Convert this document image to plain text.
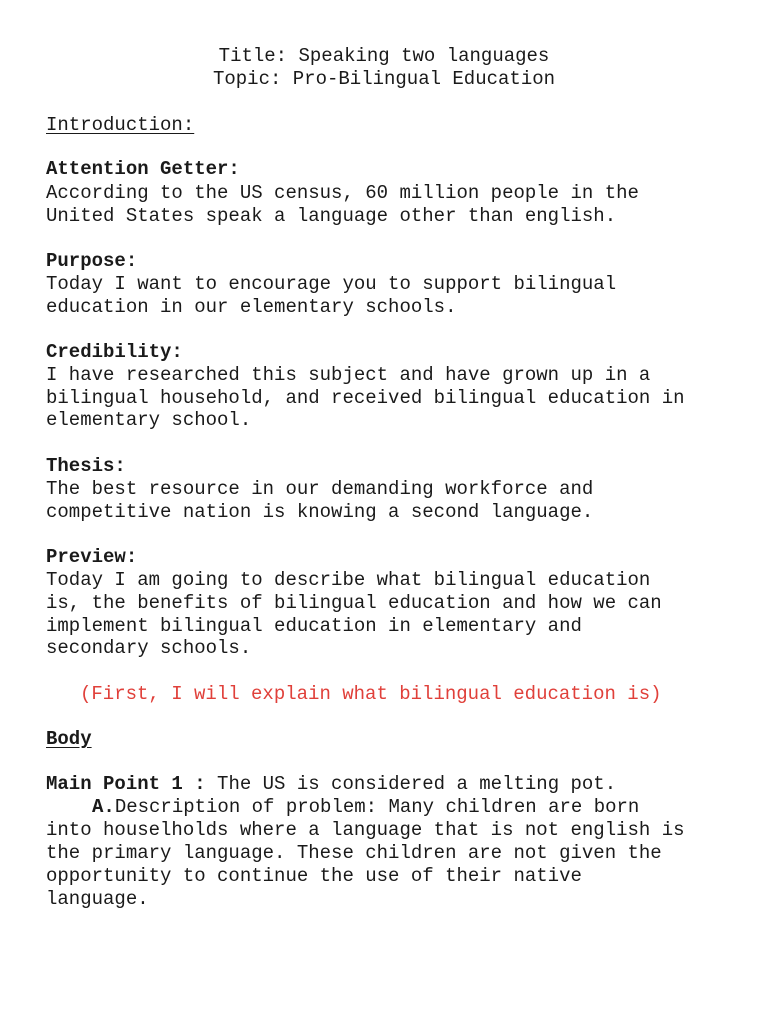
Title: Speaking two languages
Topic: Pro-Bilingual Education
Introduction:
Attention Getter:
According to the US census, 60 million people in the
United States speak a language other than english.
Purpose:
Today I want to encourage you to support bilingual
education in our elementary schools.
Credibility:
I have researched this subject and have grown up in a
bilingual household, and received bilingual education in
elementary school.
Thesis:
The best resource in our demanding workforce and
competitive nation is knowing a second language.
Preview:
Today I am going to describe what bilingual education
is, the benefits of bilingual education and how we can
implement bilingual education in elementary and
secondary schools.
(First, I will explain what bilingual education is)
Body
Main Point 1 : The US is considered a melting pot.
A.Description of problem: Many children are born
into houselholds where a language that is not english is
the primary language. These children are not given the
opportunity to continue the use of their native
language.
